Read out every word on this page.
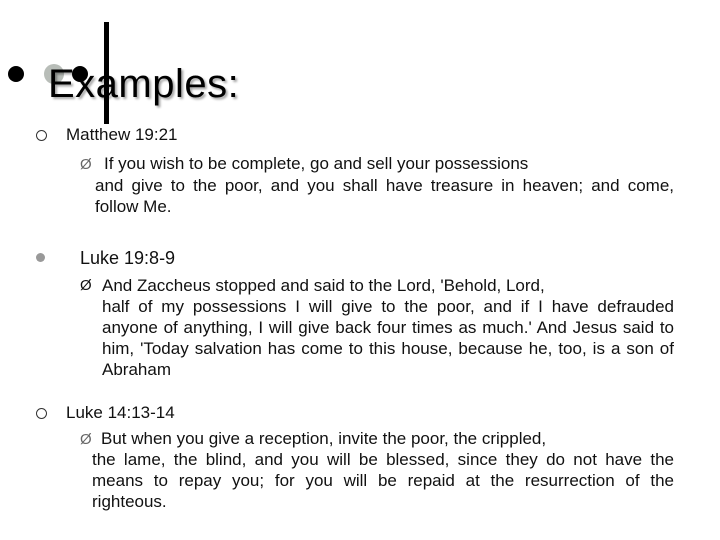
Examples:
Matthew 19:21
Ø If you wish to be complete, go and sell your possessions
and give to the poor, and you shall have treasure in heaven; and come, follow Me.
Luke 19:8-9
Ø And Zaccheus stopped and said to the Lord, 'Behold, Lord,
half of my possessions I will give to the poor, and if I have defrauded anyone of anything, I will give back four times as much.' And Jesus said to him, 'Today salvation has come to this house, because he, too, is a son of Abraham
Luke 14:13-14
Ø But when you give a reception, invite the poor, the crippled,
the lame, the blind, and you will be blessed, since they do not have the means to repay you; for you will be repaid at the resurrection of the righteous.
